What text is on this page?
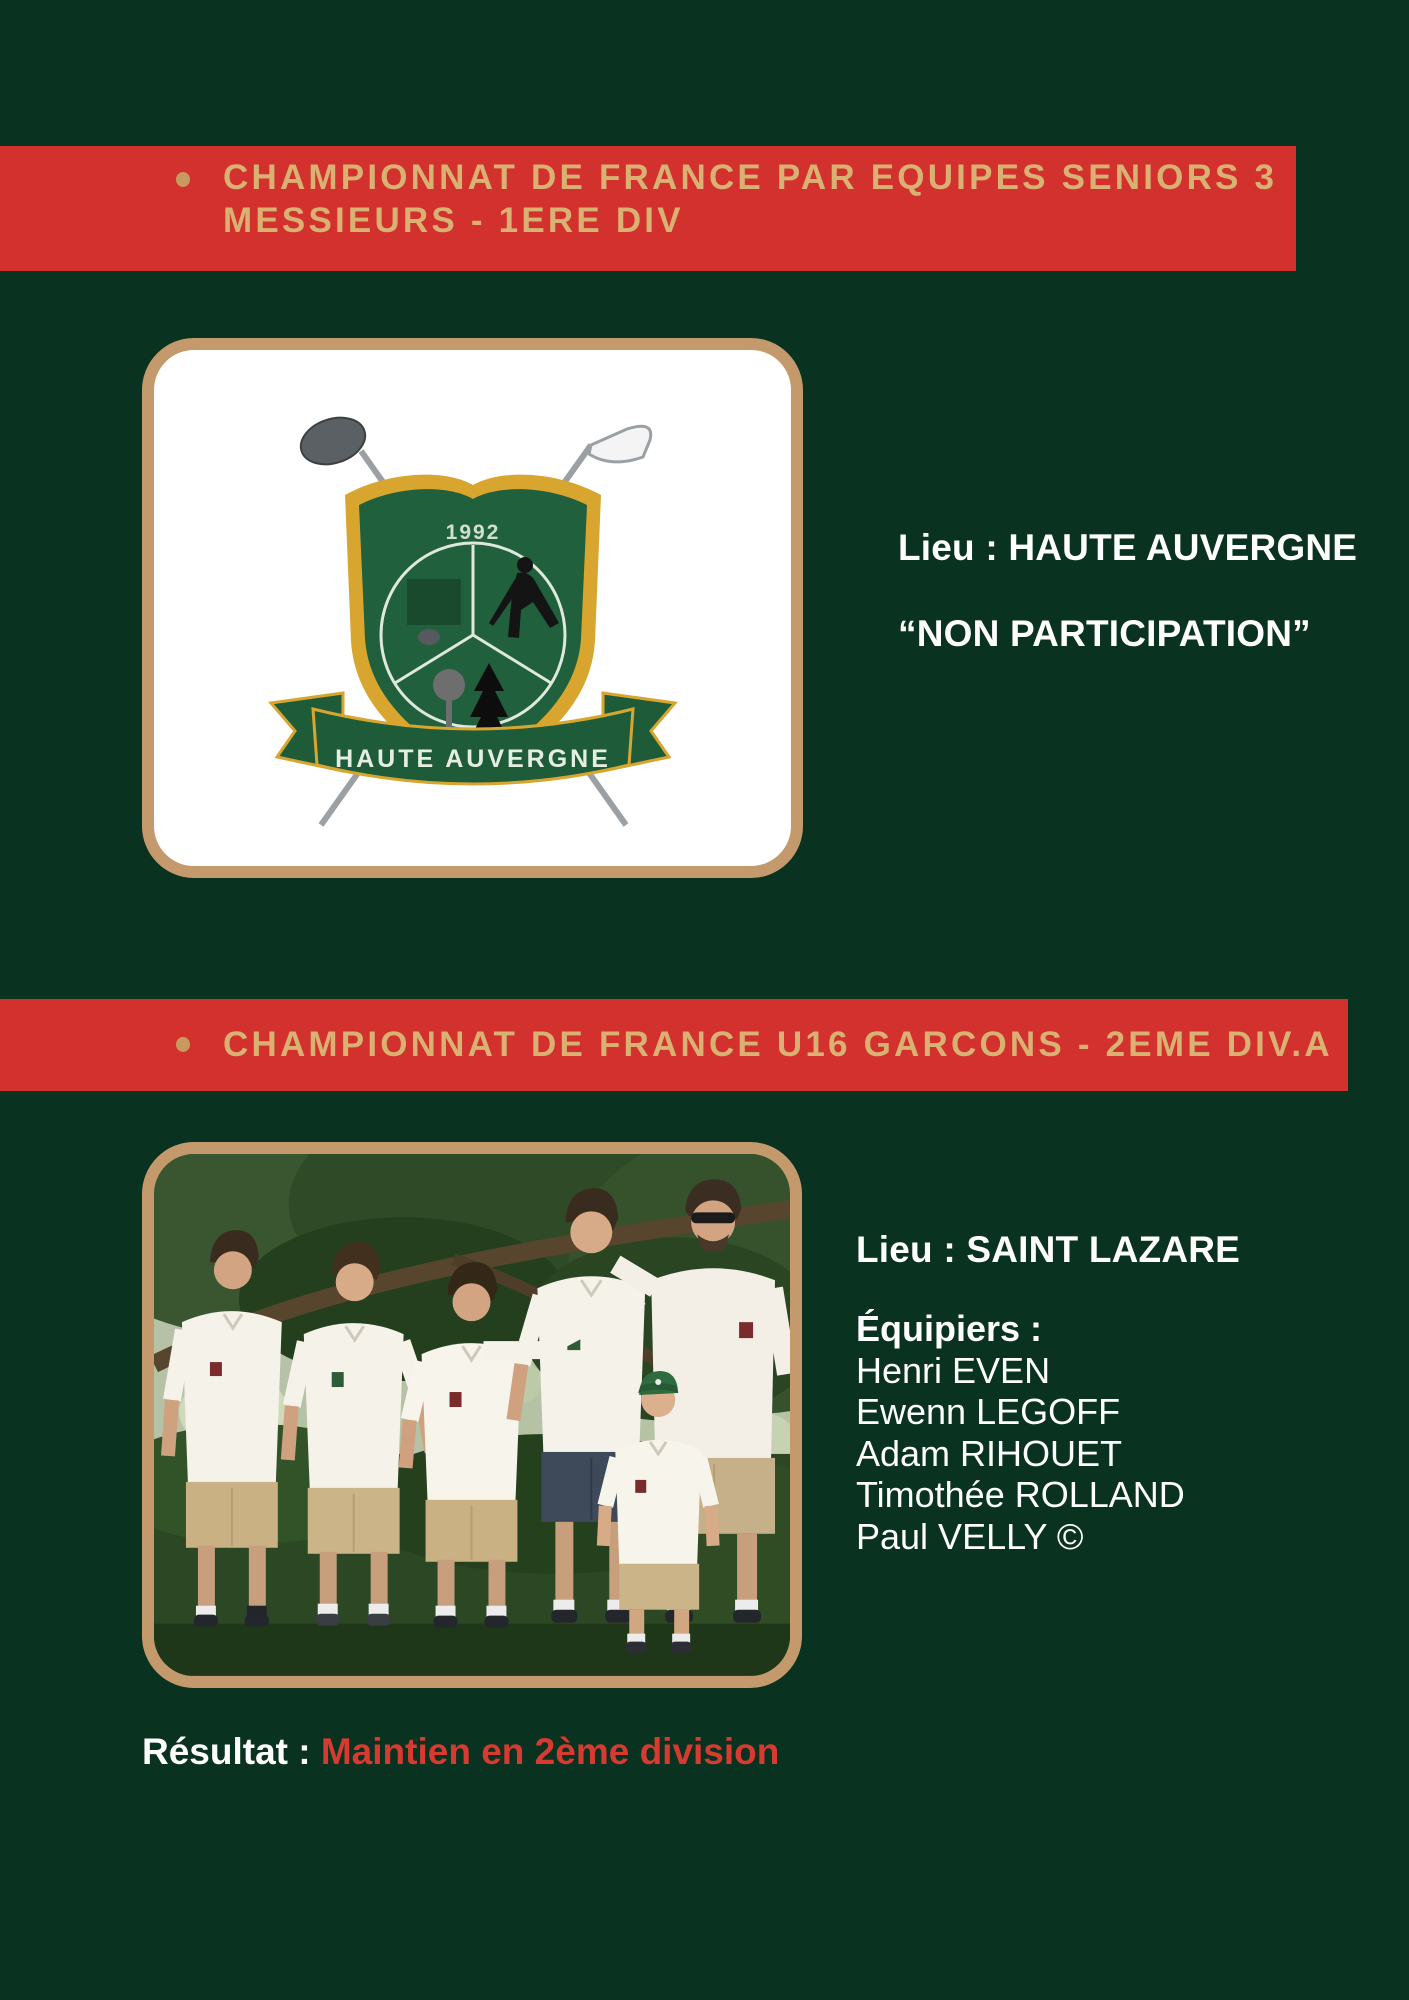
CHAMPIONNAT DE FRANCE PAR EQUIPES SENIORS 3
MESSIEURS - 1ERE DIV
1992
HAUTE AUVERGNE
Lieu : HAUTE AUVERGNE
“NON PARTICIPATION”
CHAMPIONNAT DE FRANCE U16 GARCONS - 2EME DIV.A
Lieu : SAINT LAZARE
Équipiers :
Henri EVEN
Ewenn LEGOFF
Adam RIHOUET
Timothée ROLLAND
Paul VELLY ©
Résultat : Maintien en 2ème division
